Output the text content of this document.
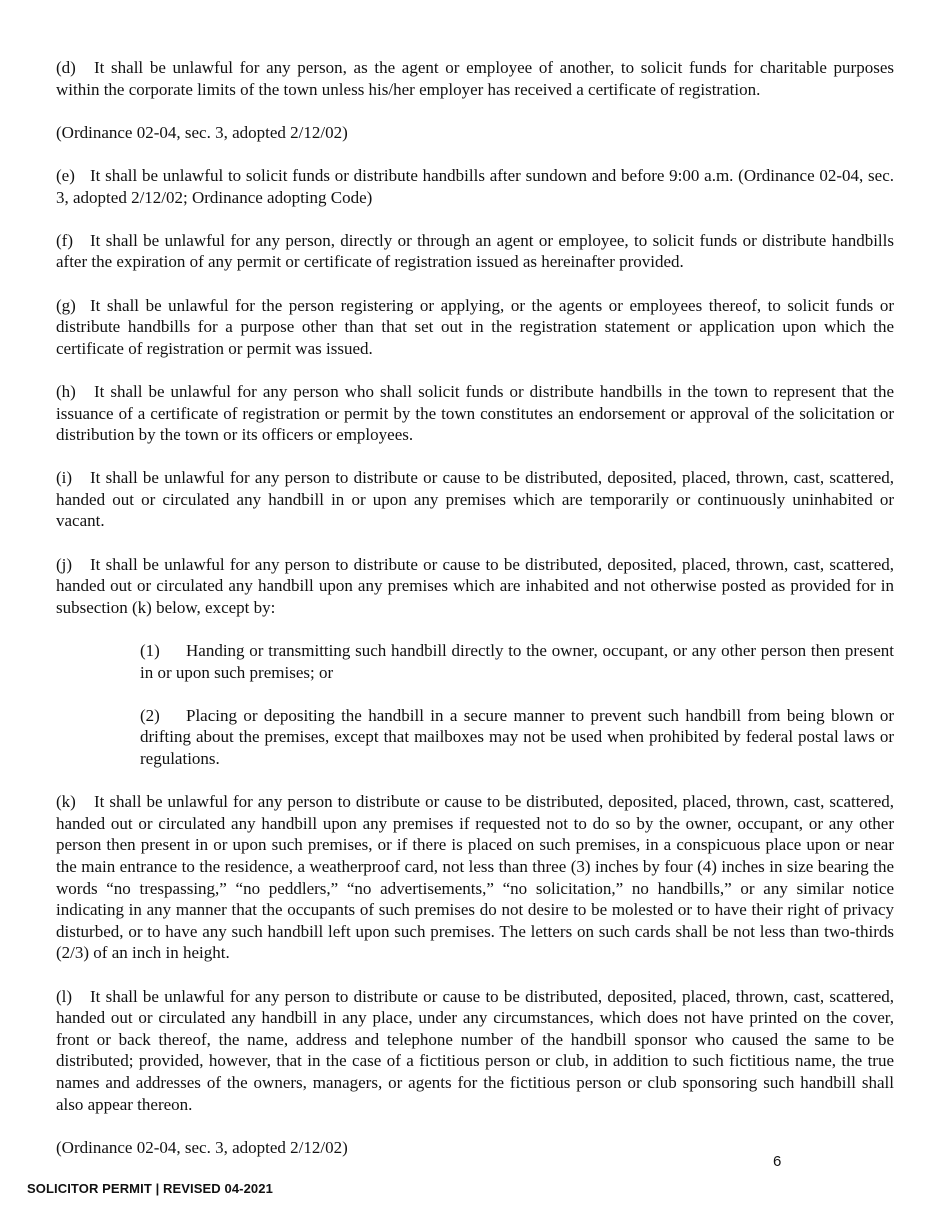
(d) It shall be unlawful for any person, as the agent or employee of another, to solicit funds for charitable purposes within the corporate limits of the town unless his/her employer has received a certificate of registration.

(Ordinance 02-04, sec. 3, adopted 2/12/02)

(e) It shall be unlawful to solicit funds or distribute handbills after sundown and before 9:00 a.m. (Ordinance 02-04, sec. 3, adopted 2/12/02; Ordinance adopting Code)

(f) It shall be unlawful for any person, directly or through an agent or employee, to solicit funds or distribute handbills after the expiration of any permit or certificate of registration issued as hereinafter provided.

(g) It shall be unlawful for the person registering or applying, or the agents or employees thereof, to solicit funds or distribute handbills for a purpose other than that set out in the registration statement or application upon which the certificate of registration or permit was issued.

(h) It shall be unlawful for any person who shall solicit funds or distribute handbills in the town to represent that the issuance of a certificate of registration or permit by the town constitutes an endorsement or approval of the solicitation or distribution by the town or its officers or employees.

(i) It shall be unlawful for any person to distribute or cause to be distributed, deposited, placed, thrown, cast, scattered, handed out or circulated any handbill in or upon any premises which are temporarily or continuously uninhabited or vacant.

(j) It shall be unlawful for any person to distribute or cause to be distributed, deposited, placed, thrown, cast, scattered, handed out or circulated any handbill upon any premises which are inhabited and not otherwise posted as provided for in subsection (k) below, except by:

(1) Handing or transmitting such handbill directly to the owner, occupant, or any other person then present in or upon such premises; or

(2) Placing or depositing the handbill in a secure manner to prevent such handbill from being blown or drifting about the premises, except that mailboxes may not be used when prohibited by federal postal laws or regulations.

(k) It shall be unlawful for any person to distribute or cause to be distributed, deposited, placed, thrown, cast, scattered, handed out or circulated any handbill upon any premises if requested not to do so by the owner, occupant, or any other person then present in or upon such premises, or if there is placed on such premises, in a conspicuous place upon or near the main entrance to the residence, a weatherproof card, not less than three (3) inches by four (4) inches in size bearing the words “no trespassing,” “no peddlers,” “no advertisements,” “no solicitation,” no handbills,” or any similar notice indicating in any manner that the occupants of such premises do not desire to be molested or to have their right of privacy disturbed, or to have any such handbill left upon such premises. The letters on such cards shall be not less than two-thirds (2/3) of an inch in height.

(l) It shall be unlawful for any person to distribute or cause to be distributed, deposited, placed, thrown, cast, scattered, handed out or circulated any handbill in any place, under any circumstances, which does not have printed on the cover, front or back thereof, the name, address and telephone number of the handbill sponsor who caused the same to be distributed; provided, however, that in the case of a fictitious person or club, in addition to such fictitious name, the true names and addresses of the owners, managers, or agents for the fictitious person or club sponsoring such handbill shall also appear thereon.

(Ordinance 02-04, sec. 3, adopted 2/12/02)

6
SOLICITOR PERMIT | REVISED 04-2021
